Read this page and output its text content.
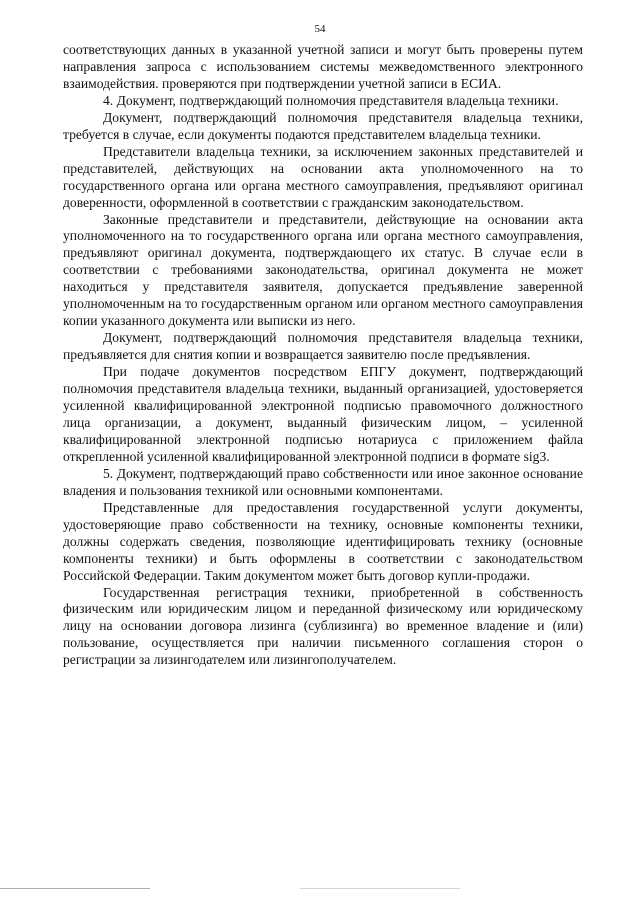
54

соответствующих данных в указанной учетной записи и могут быть проверены путем направления запроса с использованием системы межведомственного электронного взаимодействия. проверяются при подтверждении учетной записи в ЕСИА.

4. Документ, подтверждающий полномочия представителя владельца техники.

Документ, подтверждающий полномочия представителя владельца техники, требуется в случае, если документы подаются представителем владельца техники.

Представители владельца техники, за исключением законных представителей и представителей, действующих на основании акта уполномоченного на то государственного органа или органа местного самоуправления, предъявляют оригинал доверенности, оформленной в соответствии с гражданским законодательством.

Законные представители и представители, действующие на основании акта уполномоченного на то государственного органа или органа местного самоуправления, предъявляют оригинал документа, подтверждающего их статус. В случае если в соответствии с требованиями законодательства, оригинал документа не может находиться у представителя заявителя, допускается предъявление заверенной уполномоченным на то государственным органом или органом местного самоуправления копии указанного документа или выписки из него.

Документ, подтверждающий полномочия представителя владельца техники, предъявляется для снятия копии и возвращается заявителю после предъявления.

При подаче документов посредством ЕПГУ документ, подтверждающий полномочия представителя владельца техники, выданный организацией, удостоверяется усиленной квалифицированной электронной подписью правомочного должностного лица организации, а документ, выданный физическим лицом, – усиленной квалифицированной электронной подписью нотариуса с приложением файла открепленной усиленной квалифицированной электронной подписи в формате sig3.

5. Документ, подтверждающий право собственности или иное законное основание владения и пользования техникой или основными компонентами.

Представленные для предоставления государственной услуги документы, удостоверяющие право собственности на технику, основные компоненты техники, должны содержать сведения, позволяющие идентифицировать технику (основные компоненты техники) и быть оформлены в соответствии с законодательством Российской Федерации. Таким документом может быть договор купли-продажи.

Государственная регистрация техники, приобретенной в собственность физическим или юридическим лицом и переданной физическому или юридическому лицу на основании договора лизинга (сублизинга) во временное владение и (или) пользование, осуществляется при наличии письменного соглашения сторон о регистрации за лизингодателем или лизингополучателем.
